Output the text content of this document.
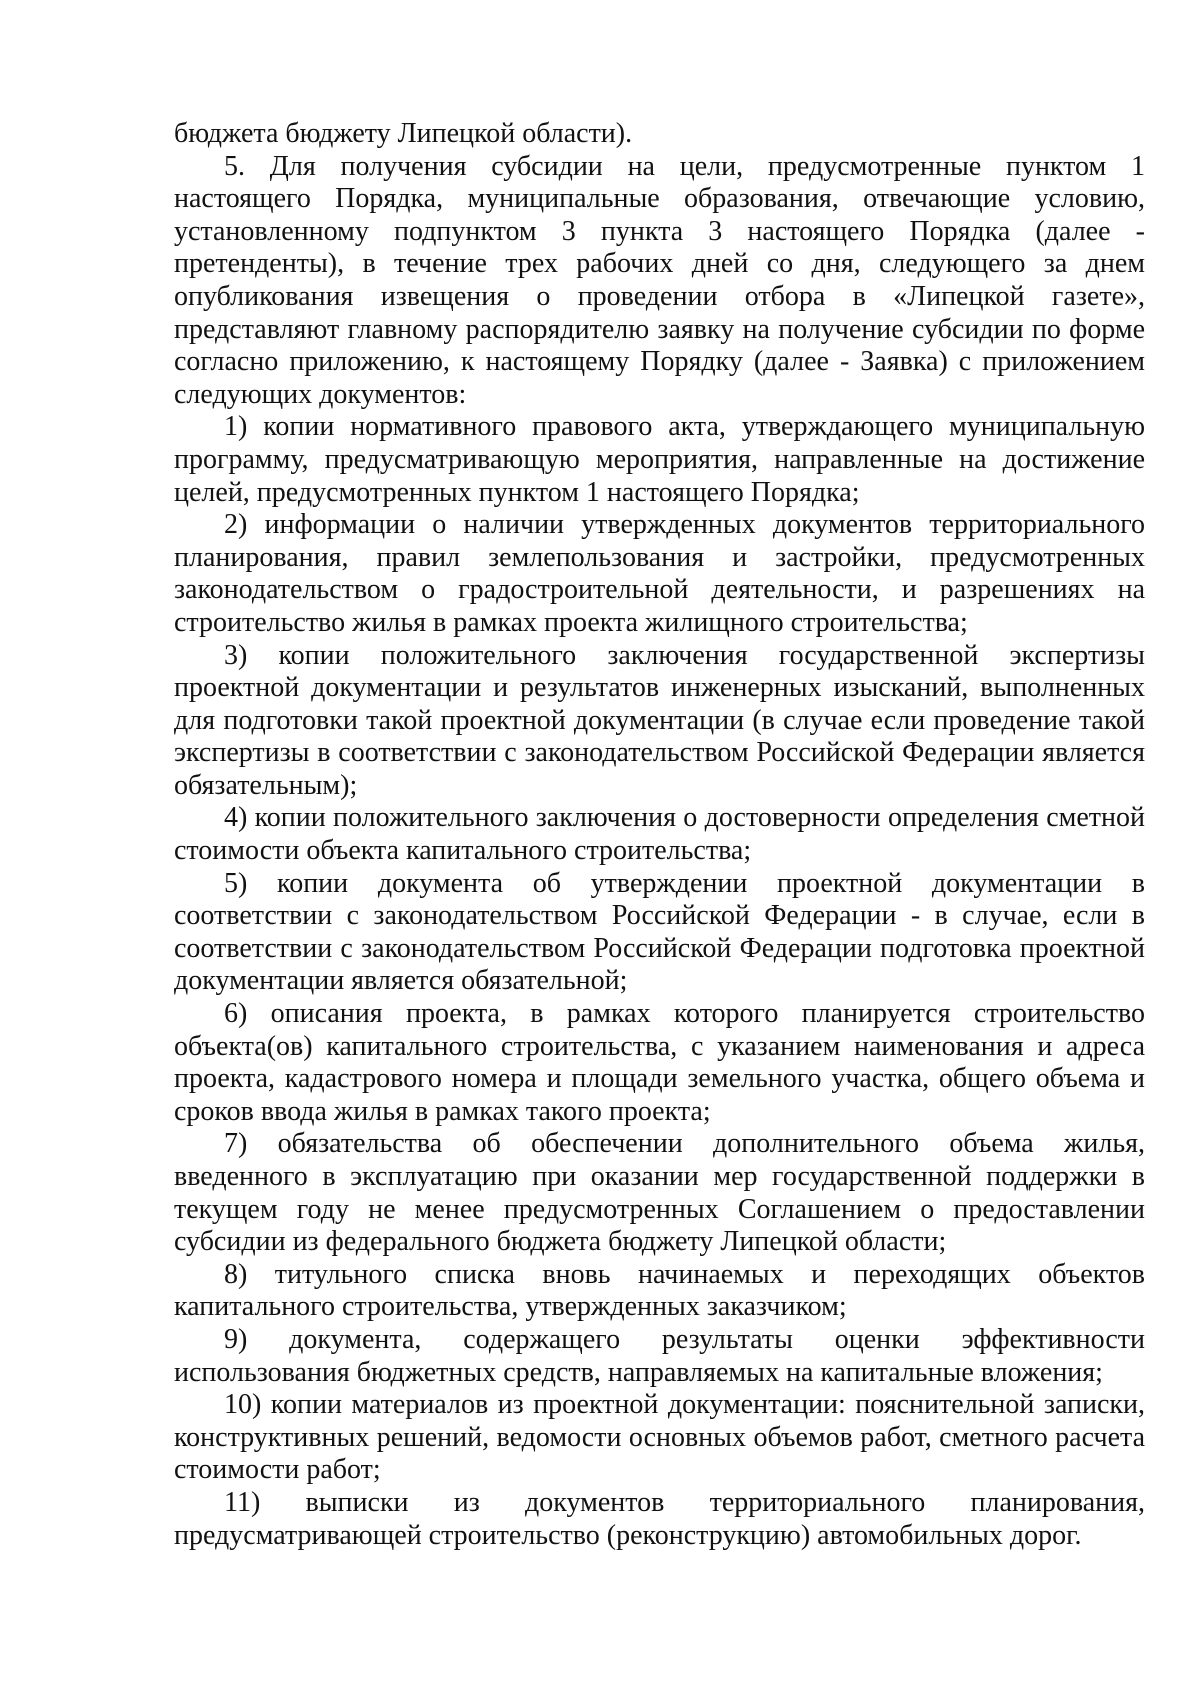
бюджета бюджету Липецкой области).

5. Для получения субсидии на цели, предусмотренные пунктом 1 настоящего Порядка, муниципальные образования, отвечающие условию, установленному подпунктом 3 пункта 3 настоящего Порядка (далее - претенденты), в течение трех рабочих дней со дня, следующего за днем опубликования извещения о проведении отбора в «Липецкой газете», представляют главному распорядителю заявку на получение субсидии по форме согласно приложению, к настоящему Порядку (далее - Заявка) с приложением следующих документов:

1) копии нормативного правового акта, утверждающего муниципальную программу, предусматривающую мероприятия, направленные на достижение целей, предусмотренных пунктом 1 настоящего Порядка;

2) информации о наличии утвержденных документов территориального планирования, правил землепользования и застройки, предусмотренных законодательством о градостроительной деятельности, и разрешениях на строительство жилья в рамках проекта жилищного строительства;

3) копии положительного заключения государственной экспертизы проектной документации и результатов инженерных изысканий, выполненных для подготовки такой проектной документации (в случае если проведение такой экспертизы в соответствии с законодательством Российской Федерации является обязательным);

4) копии положительного заключения о достоверности определения сметной стоимости объекта капитального строительства;

5) копии документа об утверждении проектной документации в соответствии с законодательством Российской Федерации - в случае, если в соответствии с законодательством Российской Федерации подготовка проектной документации является обязательной;

6) описания проекта, в рамках которого планируется строительство объекта(ов) капитального строительства, с указанием наименования и адреса проекта, кадастрового номера и площади земельного участка, общего объема и сроков ввода жилья в рамках такого проекта;

7) обязательства об обеспечении дополнительного объема жилья, введенного в эксплуатацию при оказании мер государственной поддержки в текущем году не менее предусмотренных Соглашением о предоставлении субсидии из федерального бюджета бюджету Липецкой области;

8) титульного списка вновь начинаемых и переходящих объектов капитального строительства, утвержденных заказчиком;

9) документа, содержащего результаты оценки эффективности использования бюджетных средств, направляемых на капитальные вложения;

10) копии материалов из проектной документации: пояснительной записки, конструктивных решений, ведомости основных объемов работ, сметного расчета стоимости работ;

11) выписки из документов территориального планирования, предусматривающей строительство (реконструкцию) автомобильных дорог.
